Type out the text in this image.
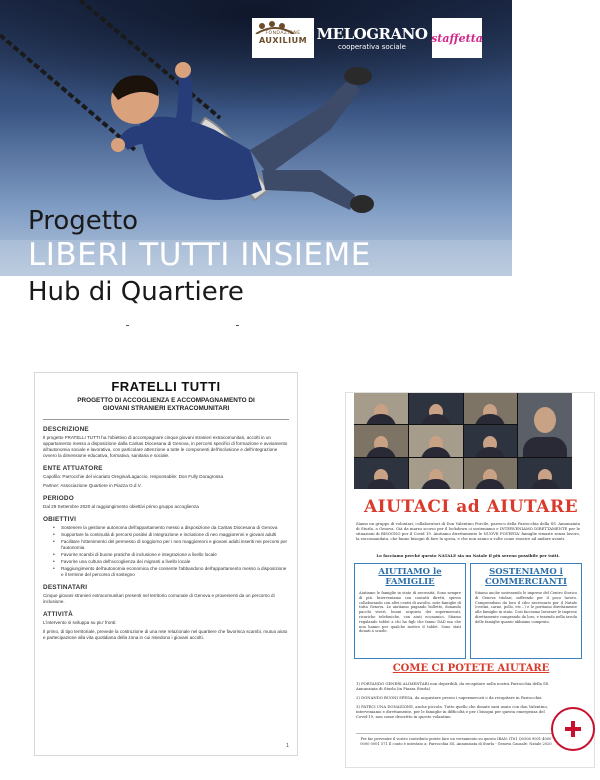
FONDAZIONE
AUXILIUM MELOGRANO
cooperativa sociale
staffetta
Progetto
LIBERI TUTTI INSIEME
Hub di Quartiere
FRATELLI TUTTI
PROGETTO DI ACCOGLIENZA E ACCOMPAGNAMENTO DI
GIOVANI STRANIERI EXTRACOMUNITARI
DESCRIZIONE

Il progetto FRATELLI TUTTI ha l'obiettivo di accompagnare cinque giovani stranieri extracomunitari, accolti in un appartamento messo a disposizione dalla Caritas Diocesana di Genova, in percorsi specifici di formazione e avviamento all'autonomia sociale e lavorativa, con particolare attenzione a tutte le componenti dell'inclusione e dell'integrazione ovvero la dimensione educativa, formativa, sanitaria e sociale.

ENTE ATTUATORE

Capofila: Parrocchie del vicariato Oregina/Lagaccio, responsabile: Don Fully Doragrossa

Partner: Associazione Quartiere in Piazza O.d.V.

PERIODO

Dal 29 Settembre 2020 al raggiungimento obiettivi primo gruppo accoglienza

OBIETTIVI
• Sostenere la gestione autonoma dell'appartamento messo a disposizione da Caritas Diocesana di Genova
• Supportare la continuità di percorsi positivi di integrazione e inclusione di neo maggiorenni e giovani adulti
• Facilitare l'ottenimento del permesso di soggiorno per i neo maggiorenni e giovani adulti inseriti nei percorsi per l'autonomia
• Favorire scambi di buone pratiche di inclusione e integrazione a livello locale
• Favorire una cultura dell'accoglienza dei migranti a livello locale
• Raggiungimento dell'autonomia economica che consente l'abbandono dell'appartamento messo a disposizione e il termine del percorso di sostegno
DESTINATARI

Cinque giovani stranieri extracomunitari presenti nel territorio comunale di Genova e provenienti da un percorso di inclusione.

ATTIVITÀ

L'intervento si sviluppa su piu' fronti:

Il primo, di tipo territoriale, prevede la costruzione di una rete relazionale nel quartiere che favorisca scambi, mutuo aiuto e partecipazione alla vita quotidiana della zona in cui risiedono i giovani accolti.

1
AIUTACI ad AIUTARE
Siamo un gruppo di volontari, collaboratori di Don Valentino Porcile, parroco della Parrocchia della SS. Annunziata di Sturla, a Genova. Già da marzo scorso per il lockdown ci sosteniamo e INTERVENIAMO DIRETTAMENTE per le situazioni di BISOGNO per il Covid 19. Aiutiamo direttamente le NUOVE POVERTA' famiglie rimaste senza lavoro, la raccomandata, che fanno bisogni di fare la spesa, e che non sanno a volte come riuscire ad andare avanti.
Lo facciamo perché questo NATALE sia un Natale il più sereno possibile per tutti.
AIUTIAMO le FAMIGLIE

Aiutiamo le famiglie in stato di necessità. Sono sempre di più. Interveniamo con contatti diretti, spesso collaborando con altri centri di ascolto, note famiglie di tutta Genova. Le aiutiamo pagando bollette, donando pacchi viveri, buoni acquisto dei supermercati, ricariche telefoniche, con aiuti economici. Stiamo regalando tablet a chi ha figli che fanno DAD ma che non hanno per qualche motivo il tablet. Sono stati donati a scuole.

SOSTENIAMO i COMMERCIANTI

Stiamo anche sostenendo le imprese del Centro Storico di Genova titolari, soffrendo per il poco lavoro. Comprendono da loro il cibo necessario per il Natale (cestini, carne, pollo, etc...) e le portiamo direttamente alle famiglie in stato. Così facciamo lavorare le imprese direttamente comprando da loro, e tenendo nella tavola delle famiglie quanto abbiamo comprato.

COME CI POTETE AIUTARE
1) PORTANDO GENERI ALIMENTARI non deperibili, da recapitare nella nostra Parrocchia della SS. Annunziata di Sturla (in Piazza Sturla)
2) DONANDO BUONI SPESA, da acquistare presso i supermercati o da recapitare in Parrocchia
3) FATECI UNA DONAZIONE, anche piccola. Tutto quello che donate sarà usato con don Valentino, interveniamo e direttamente, per le famiglie in difficoltà e per i bisogni per questa emergenza del Covid-19, non come descritto in questo volantino.
Per far pervenire il vostro contributo potete fare un versamento su questo IBAN: IT61 Q0306 9001 4000 0000 0001 571 Il conto è intestato a: Parrocchia SS. Annunziata di Sturla - Genova Causale: Natale 2020
